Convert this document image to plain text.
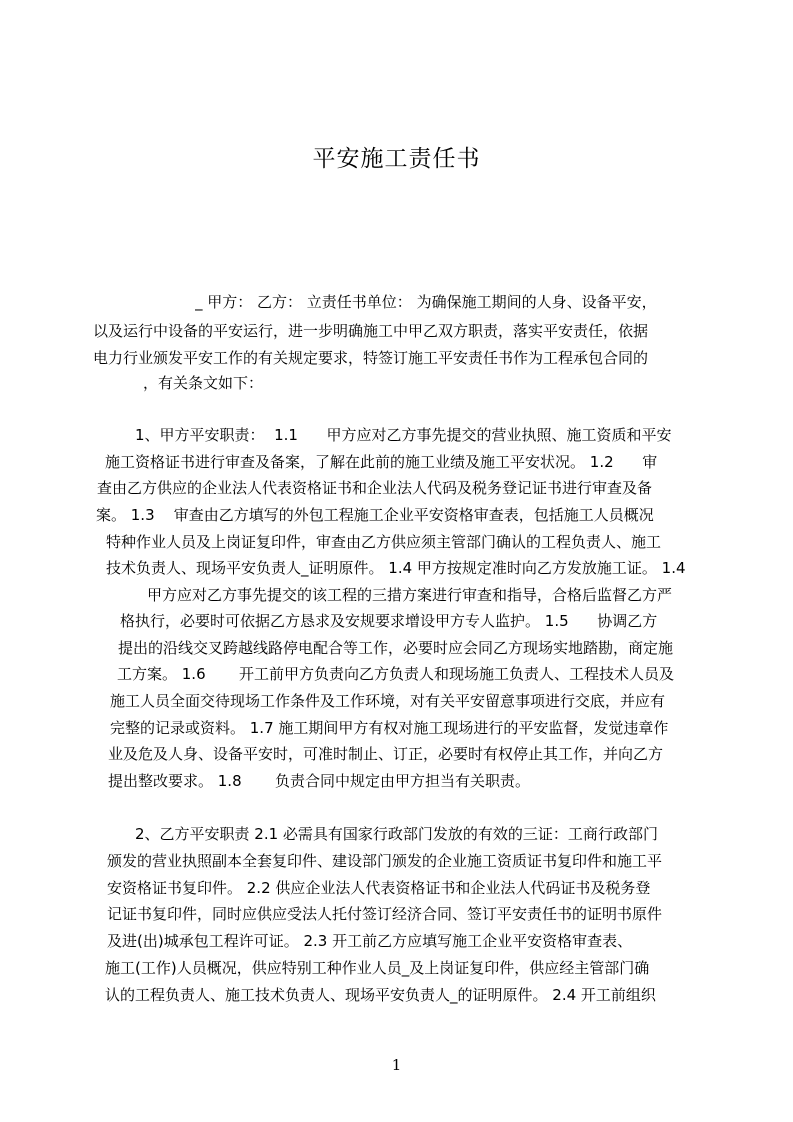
平安施工责任书
_ 甲方： 乙方： 立责任书单位： 为确保施工期间的人身、设备平安，
以及运行中设备的平安运行，进一步明确施工中甲乙双方职责，落实平安责任，依据
电力行业颁发平安工作的有关规定要求，特签订施工平安责任书作为工程承包合同的
，有关条文如下：
1、甲方平安职责：  1.1      甲方应对乙方事先提交的营业执照、施工资质和平安
施工资格证书进行审查及备案，了解在此前的施工业绩及施工平安状况。 1.2      审
查由乙方供应的企业法人代表资格证书和企业法人代码及税务登记证书进行审查及备
案。 1.3    审查由乙方填写的外包工程施工企业平安资格审查表，包括施工人员概况
特种作业人员及上岗证复印件，审查由乙方供应须主管部门确认的工程负责人、施工
技术负责人、现场平安负责人_证明原件。 1.4 甲方按规定准时向乙方发放施工证。 1.4
甲方应对乙方事先提交的该工程的三措方案进行审查和指导，合格后监督乙方严
格执行，必要时可依据乙方恳求及安规要求增设甲方专人监护。 1.5      协调乙方
提出的沿线交叉跨越线路停电配合等工作，必要时应会同乙方现场实地踏勘，商定施
工方案。 1.6       开工前甲方负责向乙方负责人和现场施工负责人、工程技术人员及
施工人员全面交待现场工作条件及工作环境，对有关平安留意事项进行交底，并应有
完整的记录或资料。 1.7 施工期间甲方有权对施工现场进行的平安监督，发觉违章作
业及危及人身、设备平安时，可准时制止、订正，必要时有权停止其工作，并向乙方
提出整改要求。 1.8       负责合同中规定由甲方担当有关职责。
2、乙方平安职责 2.1 必需具有国家行政部门发放的有效的三证：工商行政部门
颁发的营业执照副本全套复印件、建设部门颁发的企业施工资质证书复印件和施工平
安资格证书复印件。 2.2 供应企业法人代表资格证书和企业法人代码证书及税务登
记证书复印件，同时应供应受法人托付签订经济合同、签订平安责任书的证明书原件
及进(出)城承包工程许可证。 2.3 开工前乙方应填写施工企业平安资格审查表、
施工(工作)人员概况，供应特别工种作业人员_及上岗证复印件，供应经主管部门确
认的工程负责人、施工技术负责人、现场平安负责人_的证明原件。 2.4 开工前组织
1
